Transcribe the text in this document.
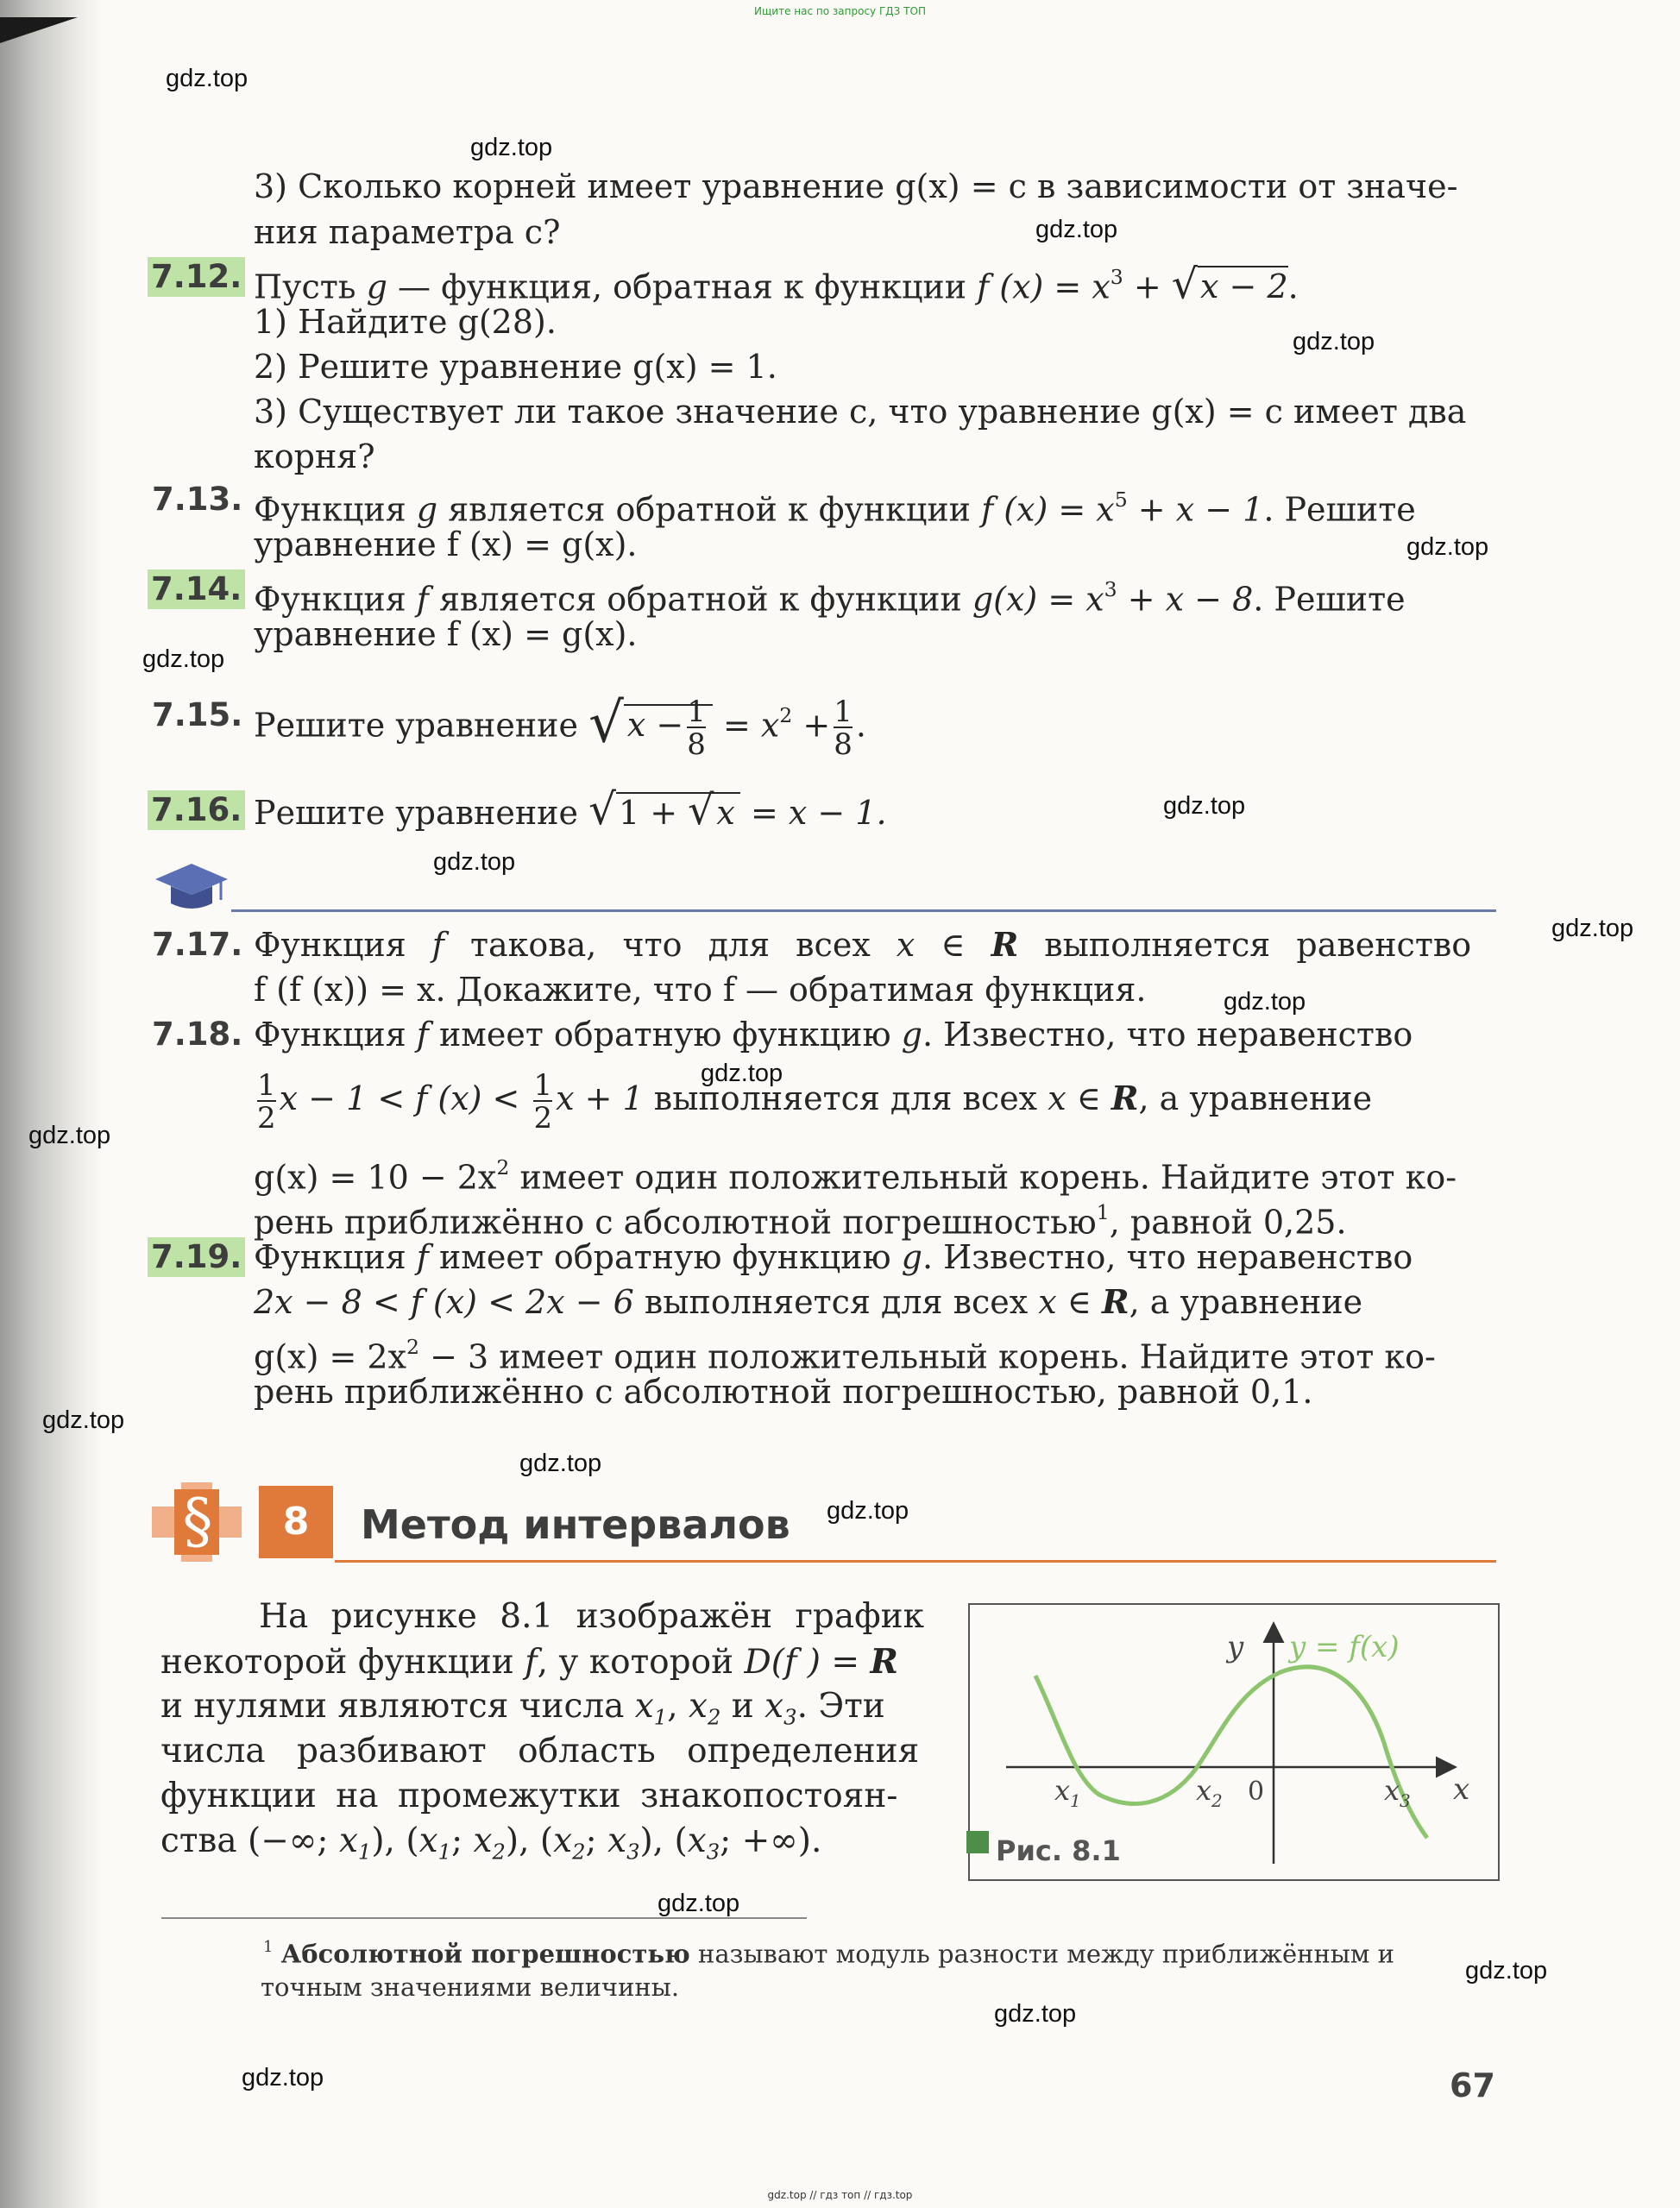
Ищите нас по запросу ГДЗ ТОП
gdz.top
gdz.top
gdz.top
gdz.top
gdz.top
gdz.top
gdz.top
gdz.top
gdz.top
gdz.top
gdz.top
gdz.top
gdz.top
gdz.top
gdz.top
gdz.top
gdz.top
gdz.top
gdz.top
3) Сколько корней имеет уравнение g(x) = c в зависимости от значе-
ния параметра c?
7.12. Пусть g — функция, обратная к функции f $(x) = x^3 + √x - 2$.
1) Найдите g(28).
2) Решите уравнение g(x) = 1.
3) Существует ли такое значение c, что уравнение g(x) = c имеет два
корня?
7.13. Функция g является обратной к функции f $(x) = x^5 + x - 1$. Решите
уравнение f (x) = g(x).
7.14. Функция f является обратной к функции $g(x) = x^3 + x - 8$. Решите
уравнение f (x) = g(x).
7.15. Решите уравнение √ $x - \frac{1}{8} = x^2 + \frac{1}{8}$ .
7.16. Решите уравнение √1 + √x = x − 1.
7.17. Функция f такова, что для всех x ∈ R выполняется равенство
f (f (x)) = x. Докажите, что f — обратимая функция.
7.18. Функция f имеет обратную функцию g. Известно, что неравенство
$\frac{1}{2}$ x − 1 < f $(x) < \frac{1}{2}$ x + 1 выполняется для всех x ∈ R, а уравнение
$g(x) = 10 - 2x^2$ имеет один положительный корень. Найдите этот ко-
рень приближённо с абсолютной погрешностью$^1$, равной 0,25.
7.19. Функция f имеет обратную функцию g. Известно, что неравенство
2x − 8 < f (x) < 2x − 6 выполняется для всех x ∈ R, а уравнение
$g(x) = 2x^2 - 3$ имеет один положительный корень. Найдите этот ко-
рень приближённо с абсолютной погрешностью, равной 0,1.
§	8	Метод интервалов
На рисунке 8.1 изображён график
некоторой функции f, у которой D(f ) = R
и нулями являются числа $x_1$, $x_2$ и $x_3$. Эти
числа разбивают область определения
функции на промежутки знакопостоян-
ства (−∞; $x_1$), ($x_1$; $x_2$), ($x_2$; $x_3$), ($x_3$; +∞).
y
x
y = f(x)
0
$x_1$	$x_2$	$x_3$
Рис. 8.1
$^1$ Абсолютной погрешностью называют модуль разности между приближённым и
точным значениями величины.
67
gdz.top // гдз топ // гдз.top
